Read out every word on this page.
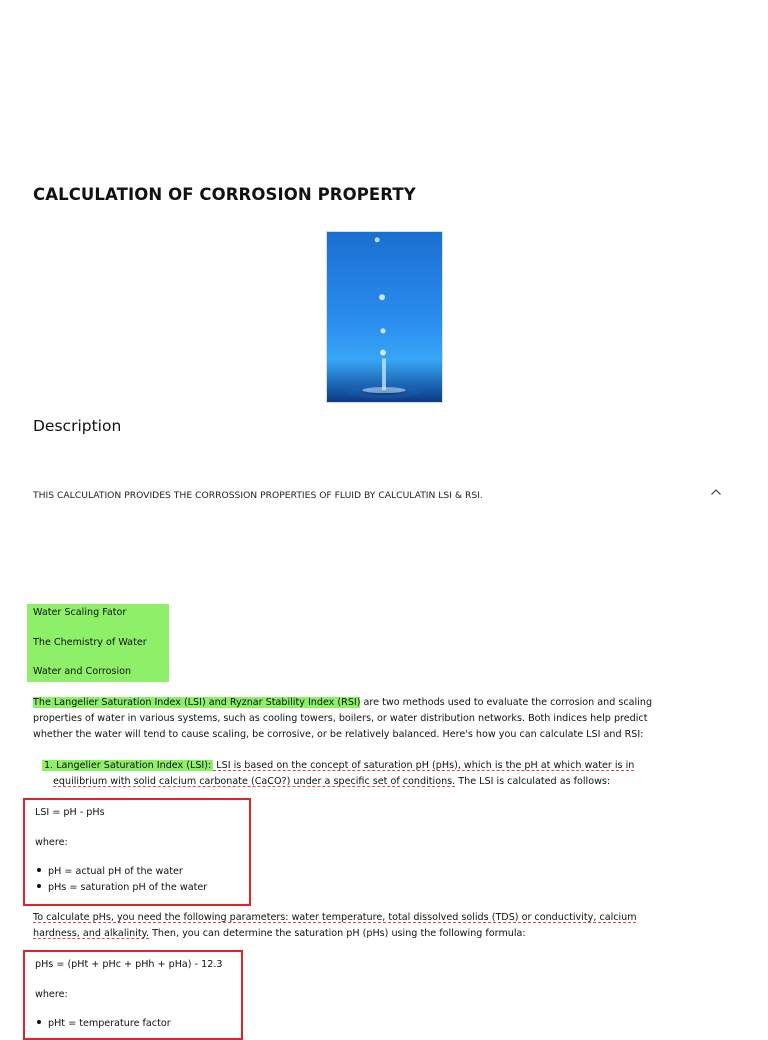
CALCULATION OF CORROSION PROPERTY
Description
THIS CALCULATION PROVIDES THE CORROSSION PROPERTIES OF FLUID BY CALCULATIN LSI & RSI.
Water Scaling Fator
The Chemistry of Water
Water and Corrosion
The Langelier Saturation Index (LSI) and Ryznar Stability Index (RSI) are two methods used to evaluate the corrosion and scaling
properties of water in various systems, such as cooling towers, boilers, or water distribution networks. Both indices help predict
whether the water will tend to cause scaling, be corrosive, or be relatively balanced. Here's how you can calculate LSI and RSI:
1. Langelier Saturation Index (LSI): LSI is based on the concept of saturation pH (pHs), which is the pH at which water is in
equilibrium with solid calcium carbonate (CaCO?) under a specific set of conditions. The LSI is calculated as follows:
LSI = pH - pHs
where:
pH = actual pH of the water
pHs = saturation pH of the water
To calculate pHs, you need the following parameters: water temperature, total dissolved solids (TDS) or conductivity, calcium
hardness, and alkalinity. Then, you can determine the saturation pH (pHs) using the following formula:
pHs = (pHt + pHc + pHh + pHa) - 12.3
where:
pHt = temperature factor
